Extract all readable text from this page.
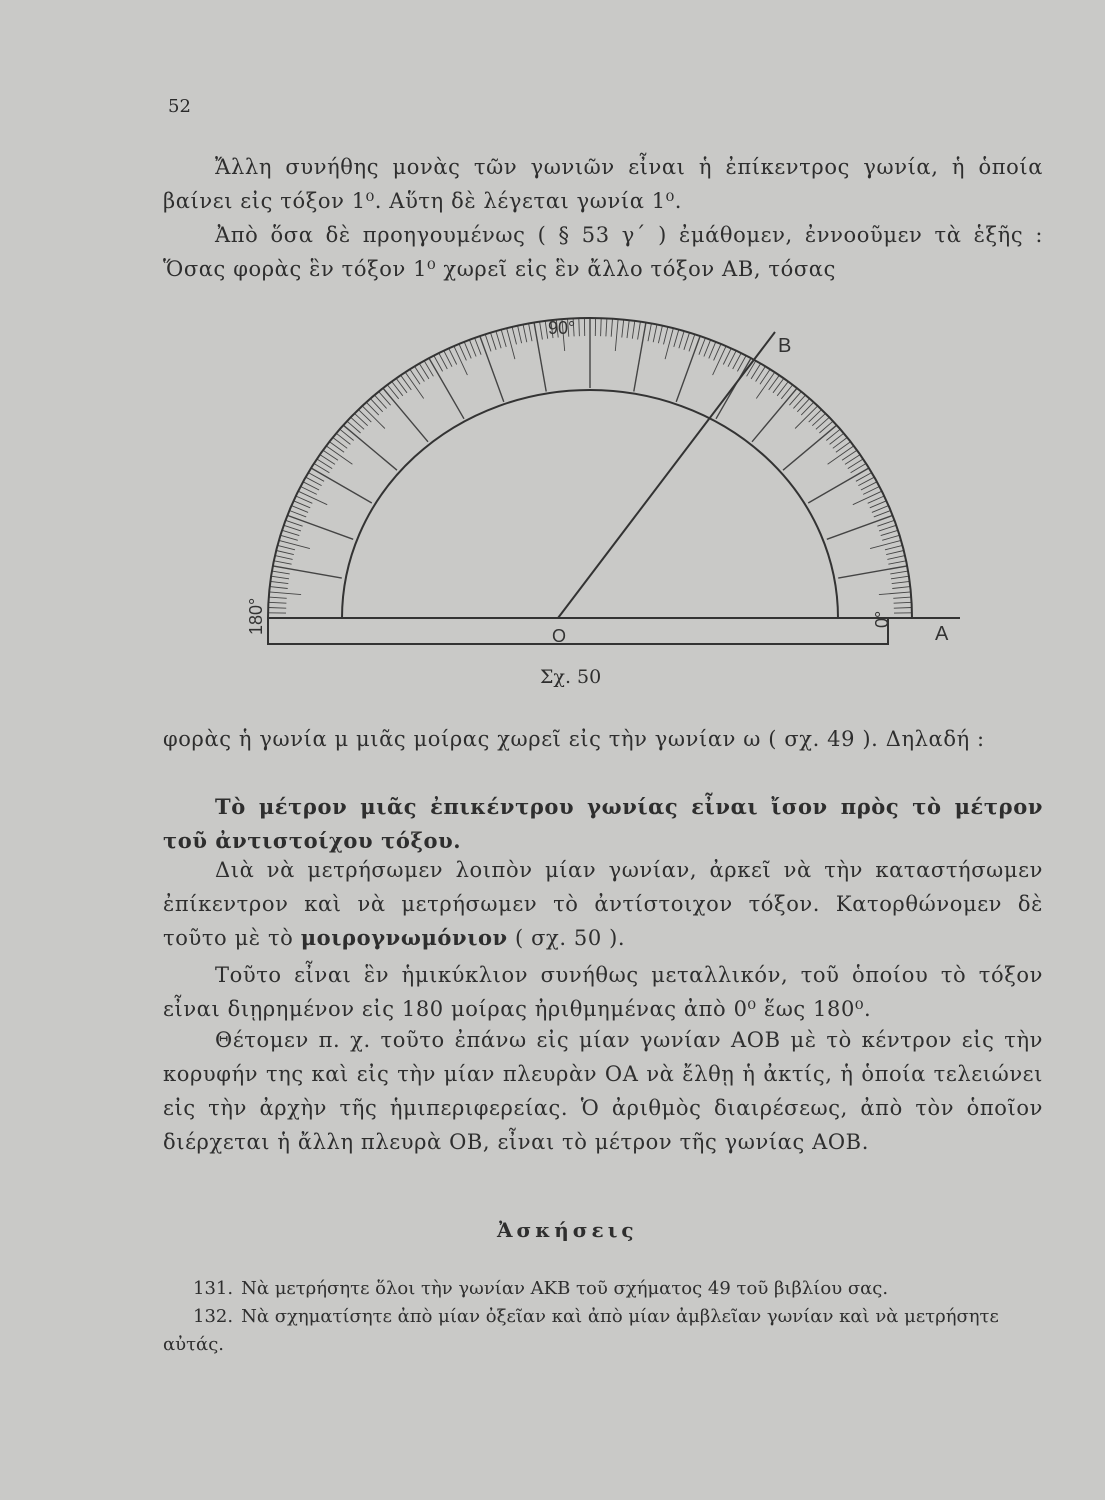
52

Ἄλλη συνήθης μονὰς τῶν γωνιῶν εἶναι ἡ ἐπίκεντρος γωνία, ἡ ὁποία βαίνει εἰς τόξον 1⁰. Αὕτη δὲ λέγεται γωνία 1⁰.

Ἀπὸ ὅσα δὲ προηγουμένως ( § 53 γ΄ ) ἐμάθομεν, ἐννοοῦμεν τὰ ἑξῆς : Ὅσας φορὰς ἓν τόξον 1⁰ χωρεῖ εἰς ἓν ἄλλο τόξον ΑΒ, τόσας

90°
B
O	A
180°	0°
Σχ. 50

φορὰς ἡ γωνία μ μιᾶς μοίρας χωρεῖ εἰς τὴν γωνίαν ω ( σχ. 49 ). Δηλαδή :

Τὸ μέτρον μιᾶς ἐπικέντρου γωνίας εἶναι ἴσον πρὸς τὸ μέτρον τοῦ ἀντιστοίχου τόξου.

Διὰ νὰ μετρήσωμεν λοιπὸν μίαν γωνίαν, ἀρκεῖ νὰ τὴν καταστήσωμεν ἐπίκεντρον καὶ νὰ μετρήσωμεν τὸ ἀντίστοιχον τόξον. Κατορθώνομεν δὲ τοῦτο μὲ τὸ μοιρογνωμόνιον ( σχ. 50 ).

Τοῦτο εἶναι ἓν ἡμικύκλιον συνήθως μεταλλικόν, τοῦ ὁποίου τὸ τόξον εἶναι διῃρημένον εἰς 180 μοίρας ἠριθμημένας ἀπὸ 0⁰ ἕως 180⁰.

Θέτομεν π. χ. τοῦτο ἐπάνω εἰς μίαν γωνίαν ΑΟΒ μὲ τὸ κέντρον εἰς τὴν κορυφήν της καὶ εἰς τὴν μίαν πλευρὰν ΟΑ νὰ ἔλθῃ ἡ ἀκτίς, ἡ ὁποία τελειώνει εἰς τὴν ἀρχὴν τῆς ἡμιπεριφερείας. Ὁ ἀριθμὸς διαιρέσεως, ἀπὸ τὸν ὁποῖον διέρχεται ἡ ἄλλη πλευρὰ ΟΒ, εἶναι τὸ μέτρον τῆς γωνίας ΑΟΒ.

Ἀσκήσεις

131. Νὰ μετρήσητε ὅλοι τὴν γωνίαν ΑΚΒ τοῦ σχήματος 49 τοῦ βιβλίου σας.

132. Νὰ σχηματίσητε ἀπὸ μίαν ὀξεῖαν καὶ ἀπὸ μίαν ἀμβλεῖαν γωνίαν καὶ νὰ μετρήσητε αὐτάς.
